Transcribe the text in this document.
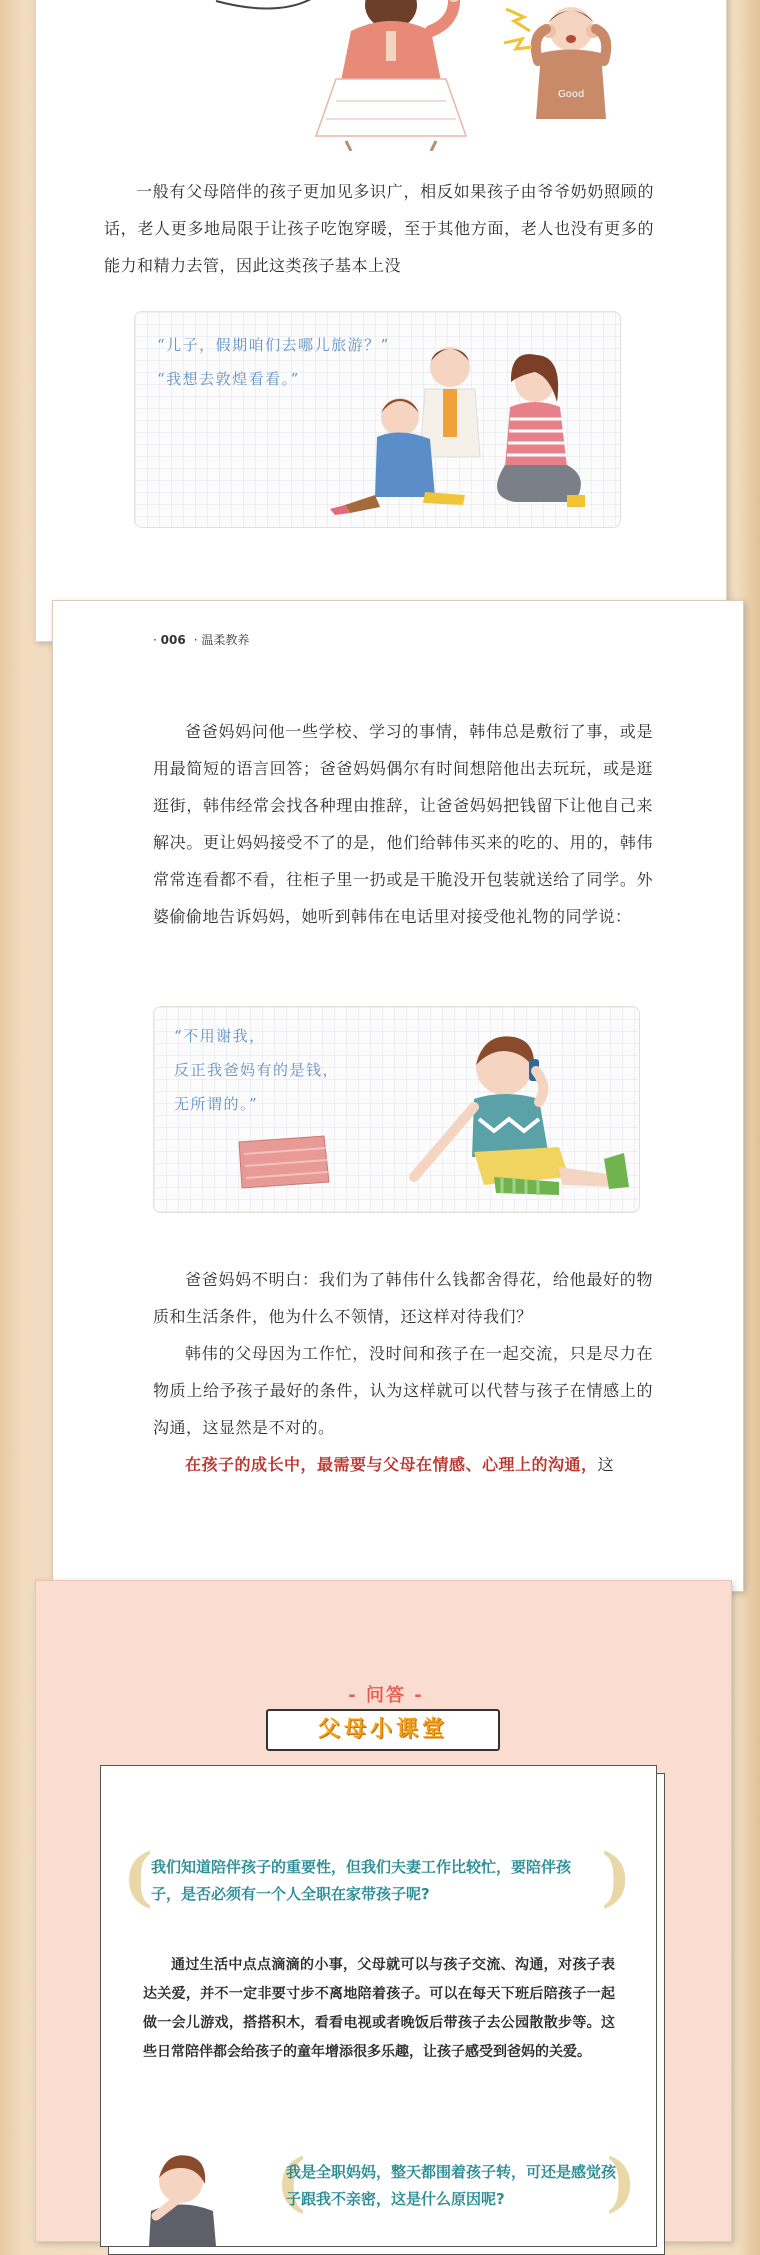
Good

一般有父母陪伴的孩子更加见多识广，相反如果孩子由爷爷奶奶照顾的话，老人更多地局限于让孩子吃饱穿暖，至于其他方面，老人也没有更多的能力和精力去管，因此这类孩子基本上没

“儿子，假期咱们去哪儿旅游？”
“我想去敦煌看看。”

· 006 · 温柔教养

爸爸妈妈问他一些学校、学习的事情，韩伟总是敷衍了事，或是用最简短的语言回答；爸爸妈妈偶尔有时间想陪他出去玩玩，或是逛逛街，韩伟经常会找各种理由推辞，让爸爸妈妈把钱留下让他自己来解决。更让妈妈接受不了的是，他们给韩伟买来的吃的、用的，韩伟常常连看都不看，往柜子里一扔或是干脆没开包装就送给了同学。外婆偷偷地告诉妈妈，她听到韩伟在电话里对接受他礼物的同学说：

“不用谢我，
反正我爸妈有的是钱，
无所谓的。”

爸爸妈妈不明白：我们为了韩伟什么钱都舍得花，给他最好的物质和生活条件，他为什么不领情，还这样对待我们？

韩伟的父母因为工作忙，没时间和孩子在一起交流，只是尽力在物质上给予孩子最好的条件，认为这样就可以代替与孩子在情感上的沟通，这显然是不对的。

在孩子的成长中，最需要与父母在情感、心理上的沟通，这

- 问答 -
父母小课堂
(	)

我们知道陪伴孩子的重要性，但我们夫妻工作比较忙，要陪伴孩子，是否必须有一个人全职在家带孩子呢?

通过生活中点点滴滴的小事，父母就可以与孩子交流、沟通，对孩子表达关爱，并不一定非要寸步不离地陪着孩子。可以在每天下班后陪孩子一起做一会儿游戏，搭搭积木，看看电视或者晚饭后带孩子去公园散散步等。这些日常陪伴都会给孩子的童年增添很多乐趣，让孩子感受到爸妈的关爱。

(	)

我是全职妈妈，整天都围着孩子转，可还是感觉孩子跟我不亲密，这是什么原因呢?
